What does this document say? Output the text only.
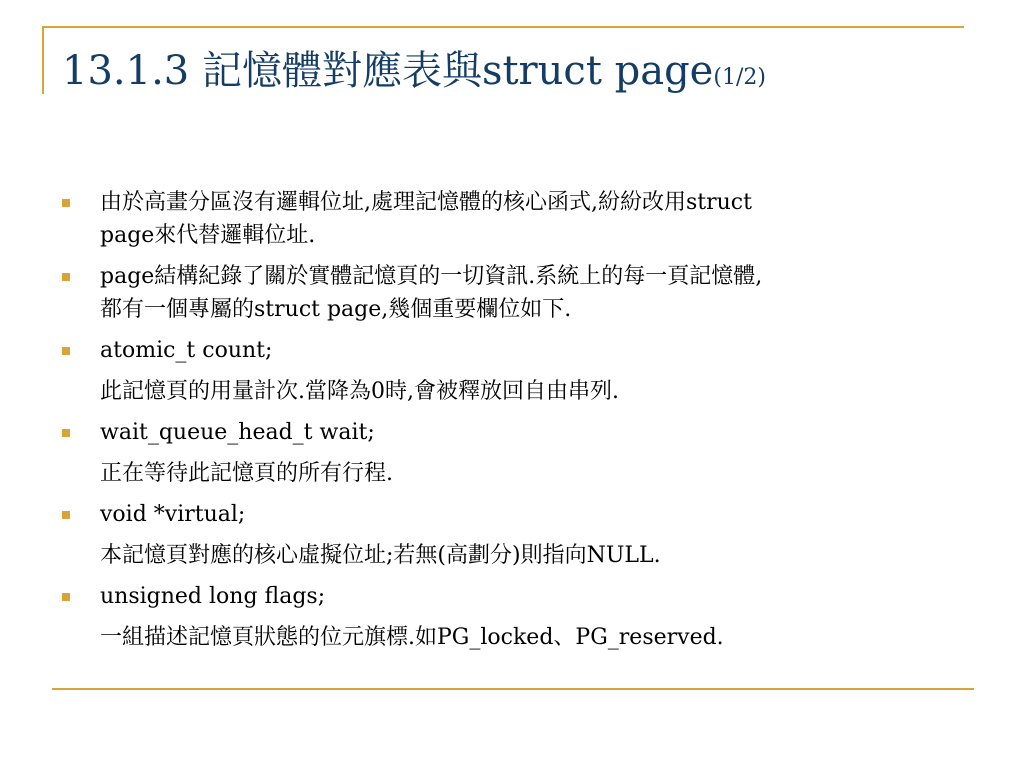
13.1.3 記憶體對應表與struct page(1/2)
由於高畫分區沒有邏輯位址,處理記憶體的核心函式,紛紛改用struct
page來代替邏輯位址.
page結構紀錄了關於實體記憶頁的一切資訊.系統上的每一頁記憶體,
都有一個專屬的struct page,幾個重要欄位如下.
atomic_t count;
此記憶頁的用量計次.當降為0時,會被釋放回自由串列.
wait_queue_head_t wait;
正在等待此記憶頁的所有行程.
void *virtual;
本記憶頁對應的核心虛擬位址;若無(高劃分)則指向NULL.
unsigned long flags;
一組描述記憶頁狀態的位元旗標.如PG_locked、PG_reserved.
